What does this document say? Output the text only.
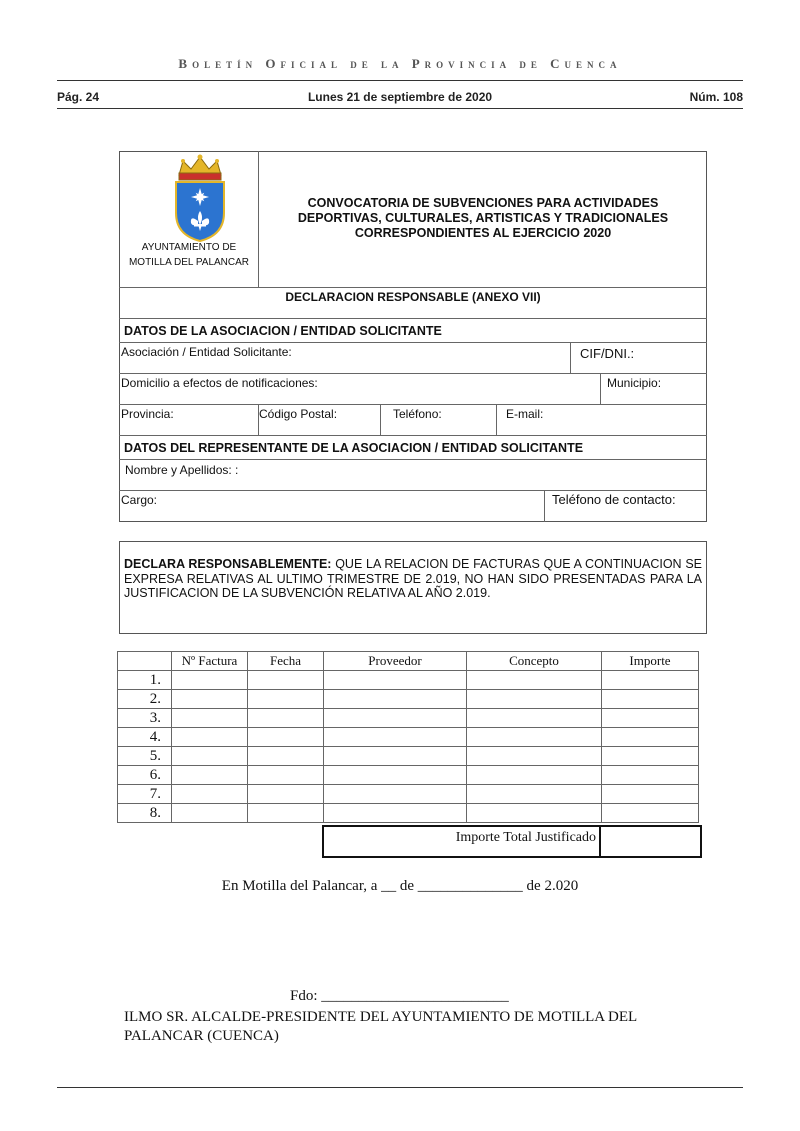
Boletín Oficial de la Provincia de Cuenca
Pág. 24	Lunes 21 de septiembre de 2020	Núm. 108
AYUNTAMIENTO DE
MOTILLA DEL PALANCAR
CONVOCATORIA DE SUBVENCIONES PARA ACTIVIDADES
DEPORTIVAS, CULTURALES, ARTISTICAS Y TRADICIONALES
CORRESPONDIENTES AL EJERCICIO 2020
DECLARACION RESPONSABLE (ANEXO VII)
DATOS DE LA ASOCIACION / ENTIDAD SOLICITANTE
Asociación / Entidad Solicitante:	CIF/DNI.:
Domicilio a efectos de notificaciones:	Municipio:
Provincia:	Código Postal:	Teléfono:	E-mail:
DATOS DEL REPRESENTANTE DE LA ASOCIACION / ENTIDAD SOLICITANTE
Nombre y Apellidos: :
Cargo:	Teléfono de contacto:
DECLARA RESPONSABLEMENTE: QUE LA RELACION DE FACTURAS QUE A CONTINUACION SE EXPRESA RELATIVAS AL ULTIMO TRIMESTRE DE 2.019, NO HAN SIDO PRESENTADAS PARA LA JUSTIFICACION DE LA SUBVENCIÓN RELATIVA AL AÑO 2.019.
	Nº Factura	Fecha	Proveedor	Concepto	Importe
1.					
2.					
3.					
4.					
5.					
6.					
7.					
8.					
Importe Total Justificado
En Motilla del Palancar, a __ de ______________ de 2.020
Fdo: _________________________
ILMO SR. ALCALDE-PRESIDENTE DEL AYUNTAMIENTO DE MOTILLA DEL
PALANCAR (CUENCA)
